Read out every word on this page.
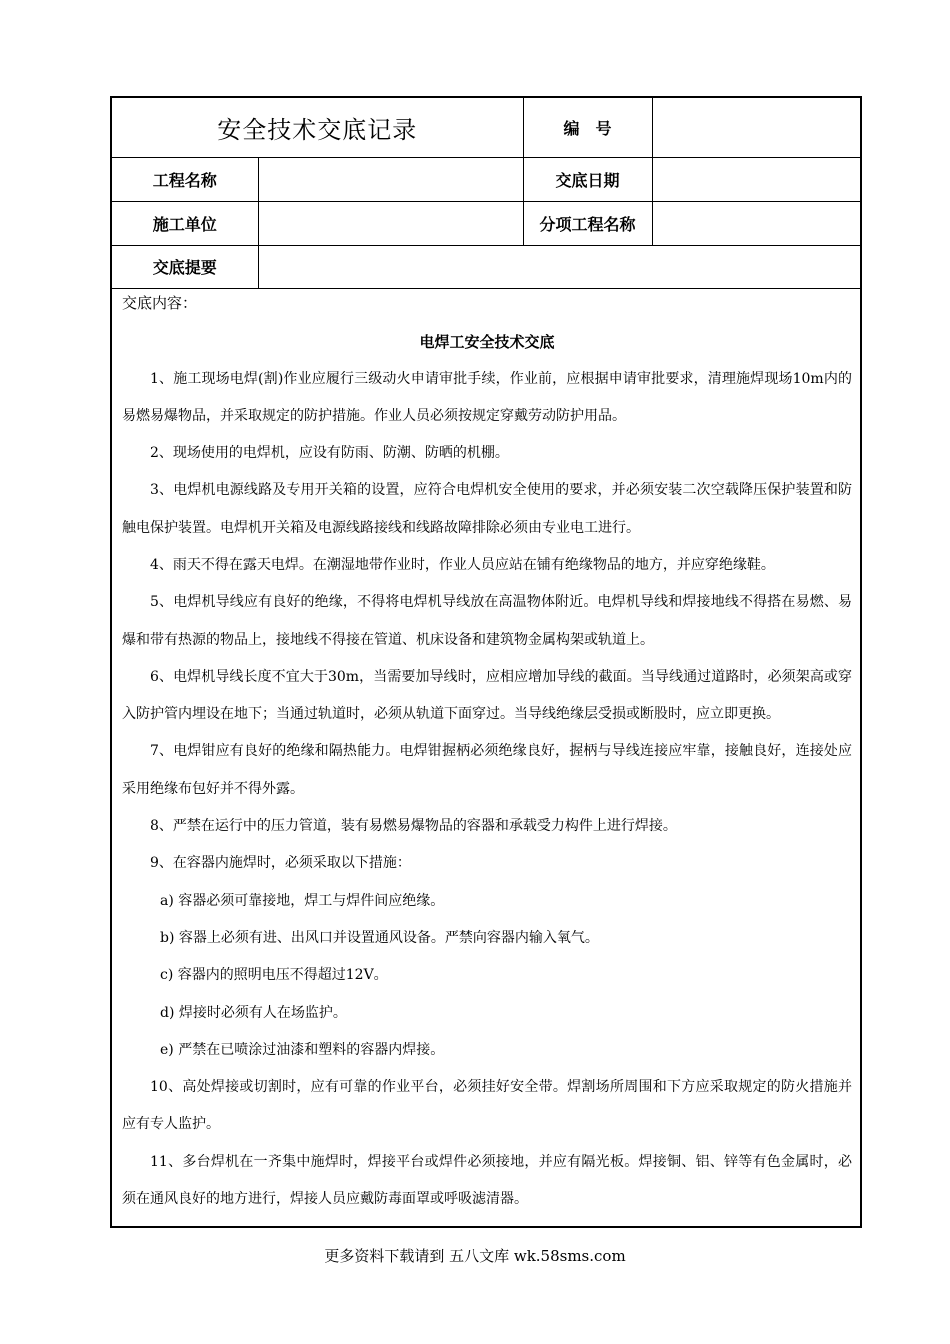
安全技术交底记录		编　号	
工程名称		交底日期	
施工单位		分项工程名称	
交底提要			

交底内容：

电焊工安全技术交底

1、施工现场电焊(割)作业应履行三级动火申请审批手续，作业前，应根据申请审批要求，清理施焊现场10m内的易燃易爆物品，并采取规定的防护措施。作业人员必须按规定穿戴劳动防护用品。

2、现场使用的电焊机，应设有防雨、防潮、防晒的机棚。

3、电焊机电源线路及专用开关箱的设置，应符合电焊机安全使用的要求，并必须安装二次空载降压保护装置和防触电保护装置。电焊机开关箱及电源线路接线和线路故障排除必须由专业电工进行。

4、雨天不得在露天电焊。在潮湿地带作业时，作业人员应站在铺有绝缘物品的地方，并应穿绝缘鞋。

5、电焊机导线应有良好的绝缘，不得将电焊机导线放在高温物体附近。电焊机导线和焊接地线不得搭在易燃、易爆和带有热源的物品上，接地线不得接在管道、机床设备和建筑物金属构架或轨道上。

6、电焊机导线长度不宜大于30m，当需要加导线时，应相应增加导线的截面。当导线通过道路时，必须架高或穿入防护管内埋设在地下；当通过轨道时，必须从轨道下面穿过。当导线绝缘层受损或断股时，应立即更换。

7、电焊钳应有良好的绝缘和隔热能力。电焊钳握柄必须绝缘良好，握柄与导线连接应牢靠，接触良好，连接处应采用绝缘布包好并不得外露。

8、严禁在运行中的压力管道，装有易燃易爆物品的容器和承载受力构件上进行焊接。

9、在容器内施焊时，必须采取以下措施：

a) 容器必须可靠接地，焊工与焊件间应绝缘。

b) 容器上必须有进、出风口并设置通风设备。严禁向容器内输入氧气。

c) 容器内的照明电压不得超过12V。

d) 焊接时必须有人在场监护。

e) 严禁在已喷涂过油漆和塑料的容器内焊接。

10、高处焊接或切割时，应有可靠的作业平台，必须挂好安全带。焊割场所周围和下方应采取规定的防火措施并应有专人监护。

11、多台焊机在一齐集中施焊时，焊接平台或焊件必须接地，并应有隔光板。焊接铜、铝、锌等有色金属时，必须在通风良好的地方进行，焊接人员应戴防毒面罩或呼吸滤清器。

更多资料下载请到 五八文库 wk.58sms.com
